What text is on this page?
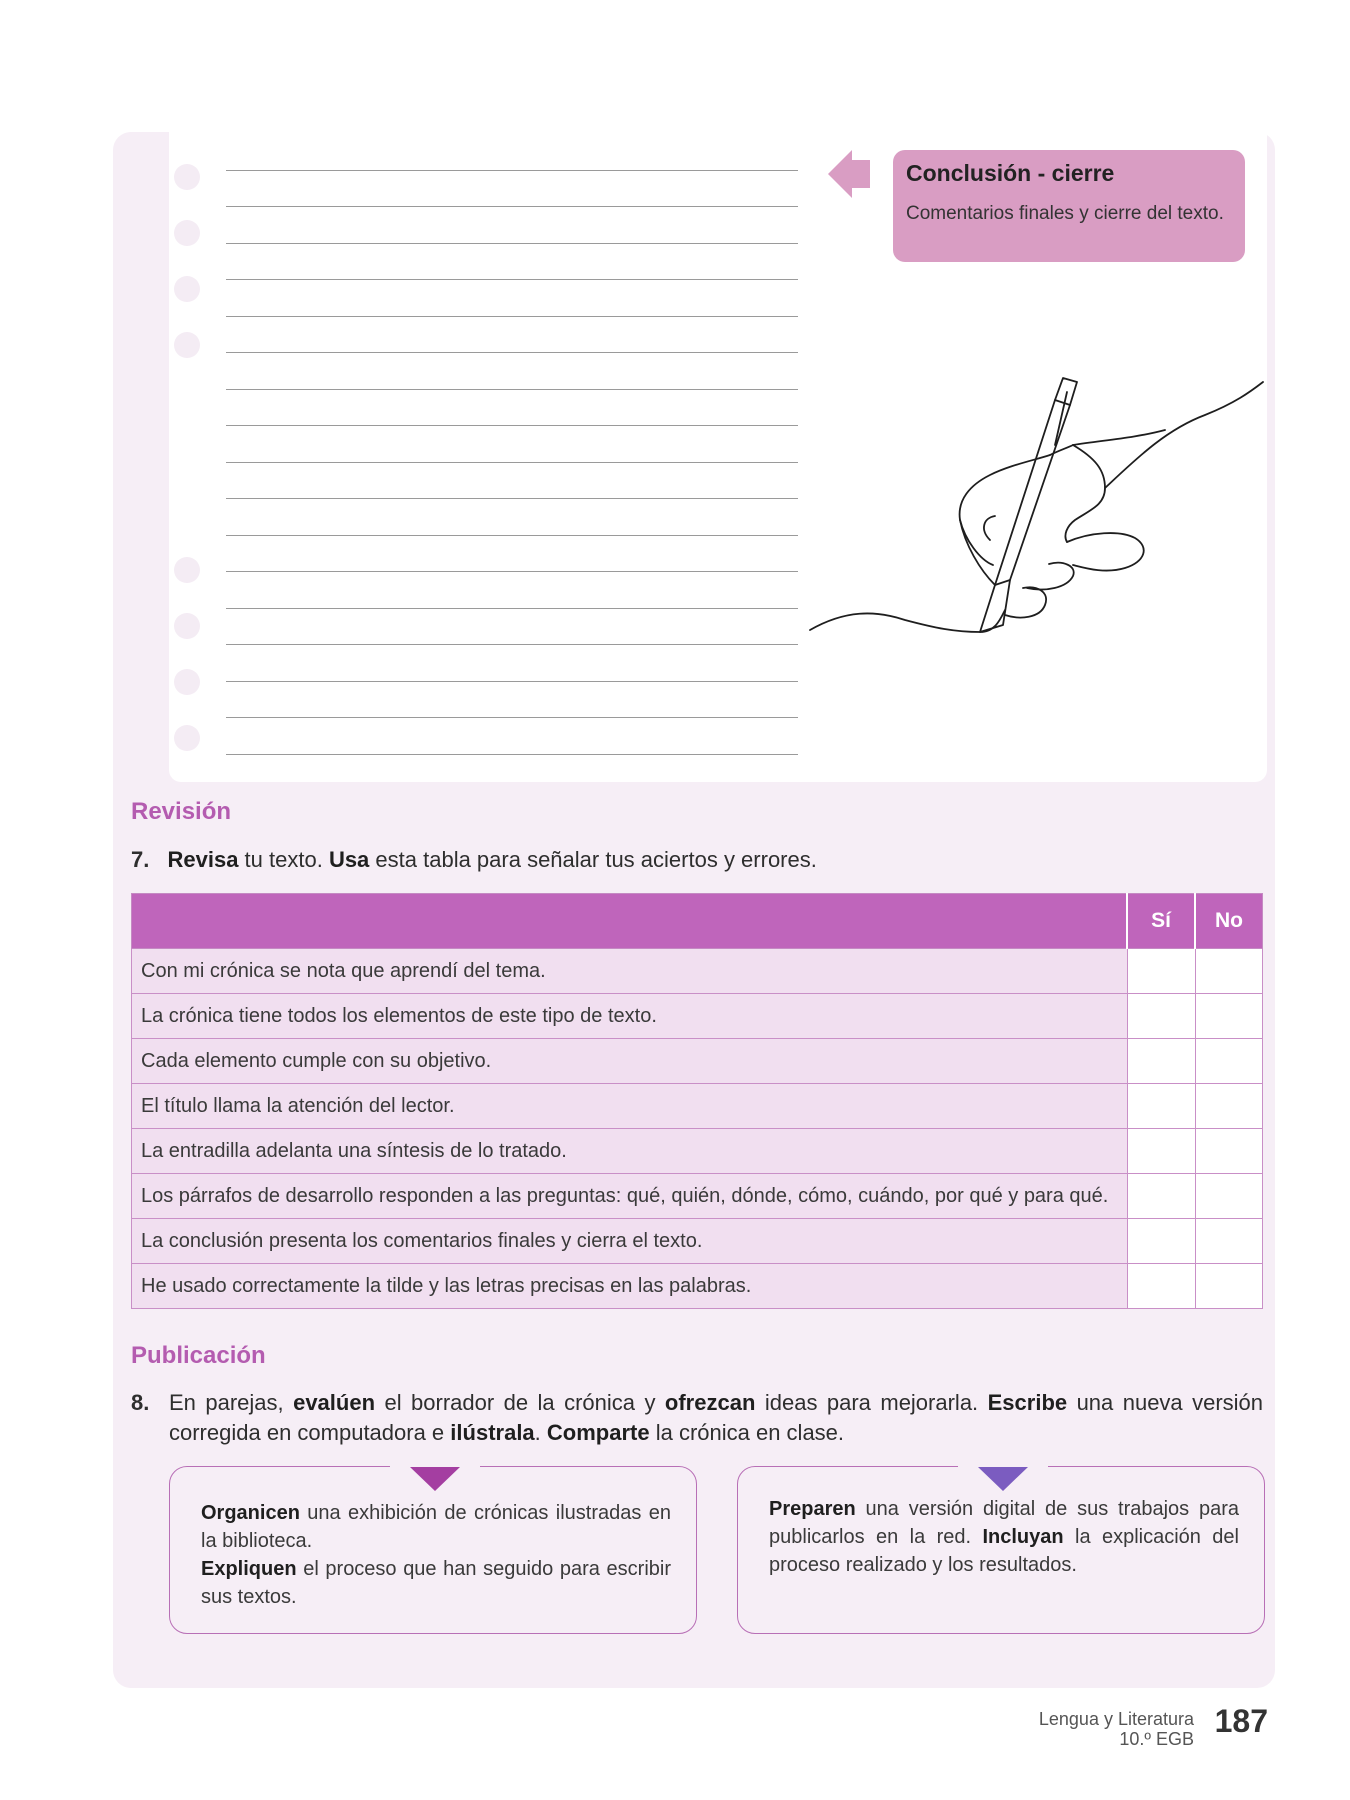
Conclusión - cierre
Comentarios finales y cierre del texto.
Revisión
7. Revisa tu texto. Usa esta tabla para señalar tus aciertos y errores.
	Sí	No
Con mi crónica se nota que aprendí del tema.		
La crónica tiene todos los elementos de este tipo de texto.		
Cada elemento cumple con su objetivo.		
El título llama la atención del lector.		
La entradilla adelanta una síntesis de lo tratado.		
Los párrafos de desarrollo responden a las preguntas: qué, quién, dónde, cómo, cuándo, por qué y para qué.		
La conclusión presenta los comentarios finales y cierra el texto.		
He usado correctamente la tilde y las letras precisas en las palabras.		
Publicación
8. En parejas, evalúen el borrador de la crónica y ofrezcan ideas para mejorarla. Escribe una nueva versión corregida en computadora e ilústrala. Comparte la crónica en clase.
Organicen una exhibición de crónicas ilustradas en la biblioteca.
Expliquen el proceso que han seguido para escribir sus textos.
Preparen una versión digital de sus trabajos para publicarlos en la red. Incluyan la explicación del proceso realizado y los resultados.
Lengua y Literatura
10.º EGB 187
